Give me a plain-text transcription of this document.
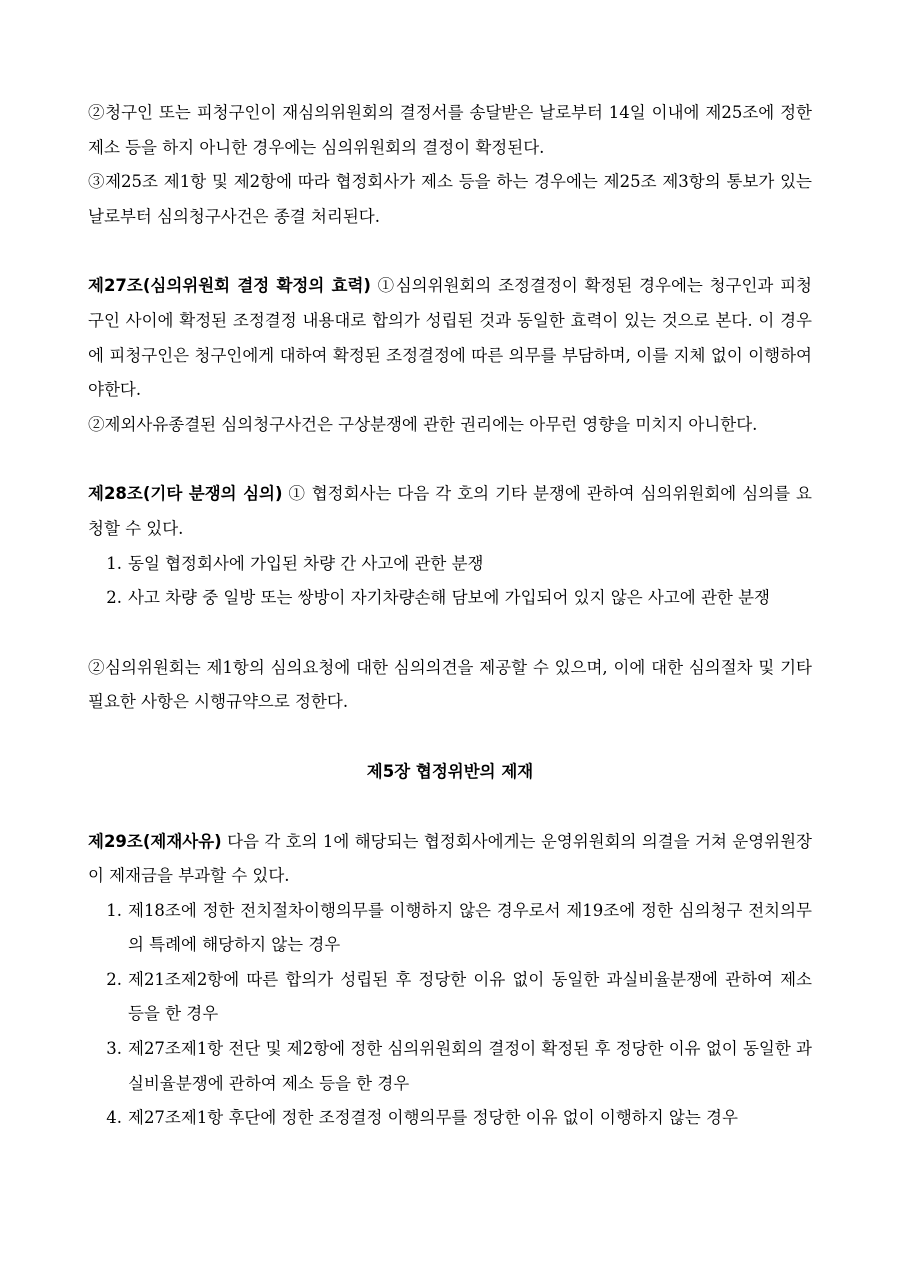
②청구인 또는 피청구인이 재심의위원회의 결정서를 송달받은 날로부터 14일 이내에 제25조에 정한 제소 등을 하지 아니한 경우에는 심의위원회의 결정이 확정된다.

③제25조 제1항 및 제2항에 따라 협정회사가 제소 등을 하는 경우에는 제25조 제3항의 통보가 있는 날로부터 심의청구사건은 종결 처리된다.

제27조(심의위원회 결정 확정의 효력) ①심의위원회의 조정결정이 확정된 경우에는 청구인과 피청구인 사이에 확정된 조정결정 내용대로 합의가 성립된 것과 동일한 효력이 있는 것으로 본다. 이 경우에 피청구인은 청구인에게 대하여 확정된 조정결정에 따른 의무를 부담하며, 이를 지체 없이 이행하여야한다.

②제외사유종결된 심의청구사건은 구상분쟁에 관한 권리에는 아무런 영향을 미치지 아니한다.

제28조(기타 분쟁의 심의) ① 협정회사는 다음 각 호의 기타 분쟁에 관하여 심의위원회에 심의를 요청할 수 있다.

1. 동일 협정회사에 가입된 차량 간 사고에 관한 분쟁
2. 사고 차량 중 일방 또는 쌍방이 자기차량손해 담보에 가입되어 있지 않은 사고에 관한 분쟁

②심의위원회는 제1항의 심의요청에 대한 심의의견을 제공할 수 있으며, 이에 대한 심의절차 및 기타 필요한 사항은 시행규약으로 정한다.

제5장 협정위반의 제재

제29조(제재사유) 다음 각 호의 1에 해당되는 협정회사에게는 운영위원회의 의결을 거쳐 운영위원장이 제재금을 부과할 수 있다.

1. 제18조에 정한 전치절차이행의무를 이행하지 않은 경우로서 제19조에 정한 심의청구 전치의무의 특례에 해당하지 않는 경우
2. 제21조제2항에 따른 합의가 성립된 후 정당한 이유 없이 동일한 과실비율분쟁에 관하여 제소 등을 한 경우
3. 제27조제1항 전단 및 제2항에 정한 심의위원회의 결정이 확정된 후 정당한 이유 없이 동일한 과실비율분쟁에 관하여 제소 등을 한 경우
4. 제27조제1항 후단에 정한 조정결정 이행의무를 정당한 이유 없이 이행하지 않는 경우
